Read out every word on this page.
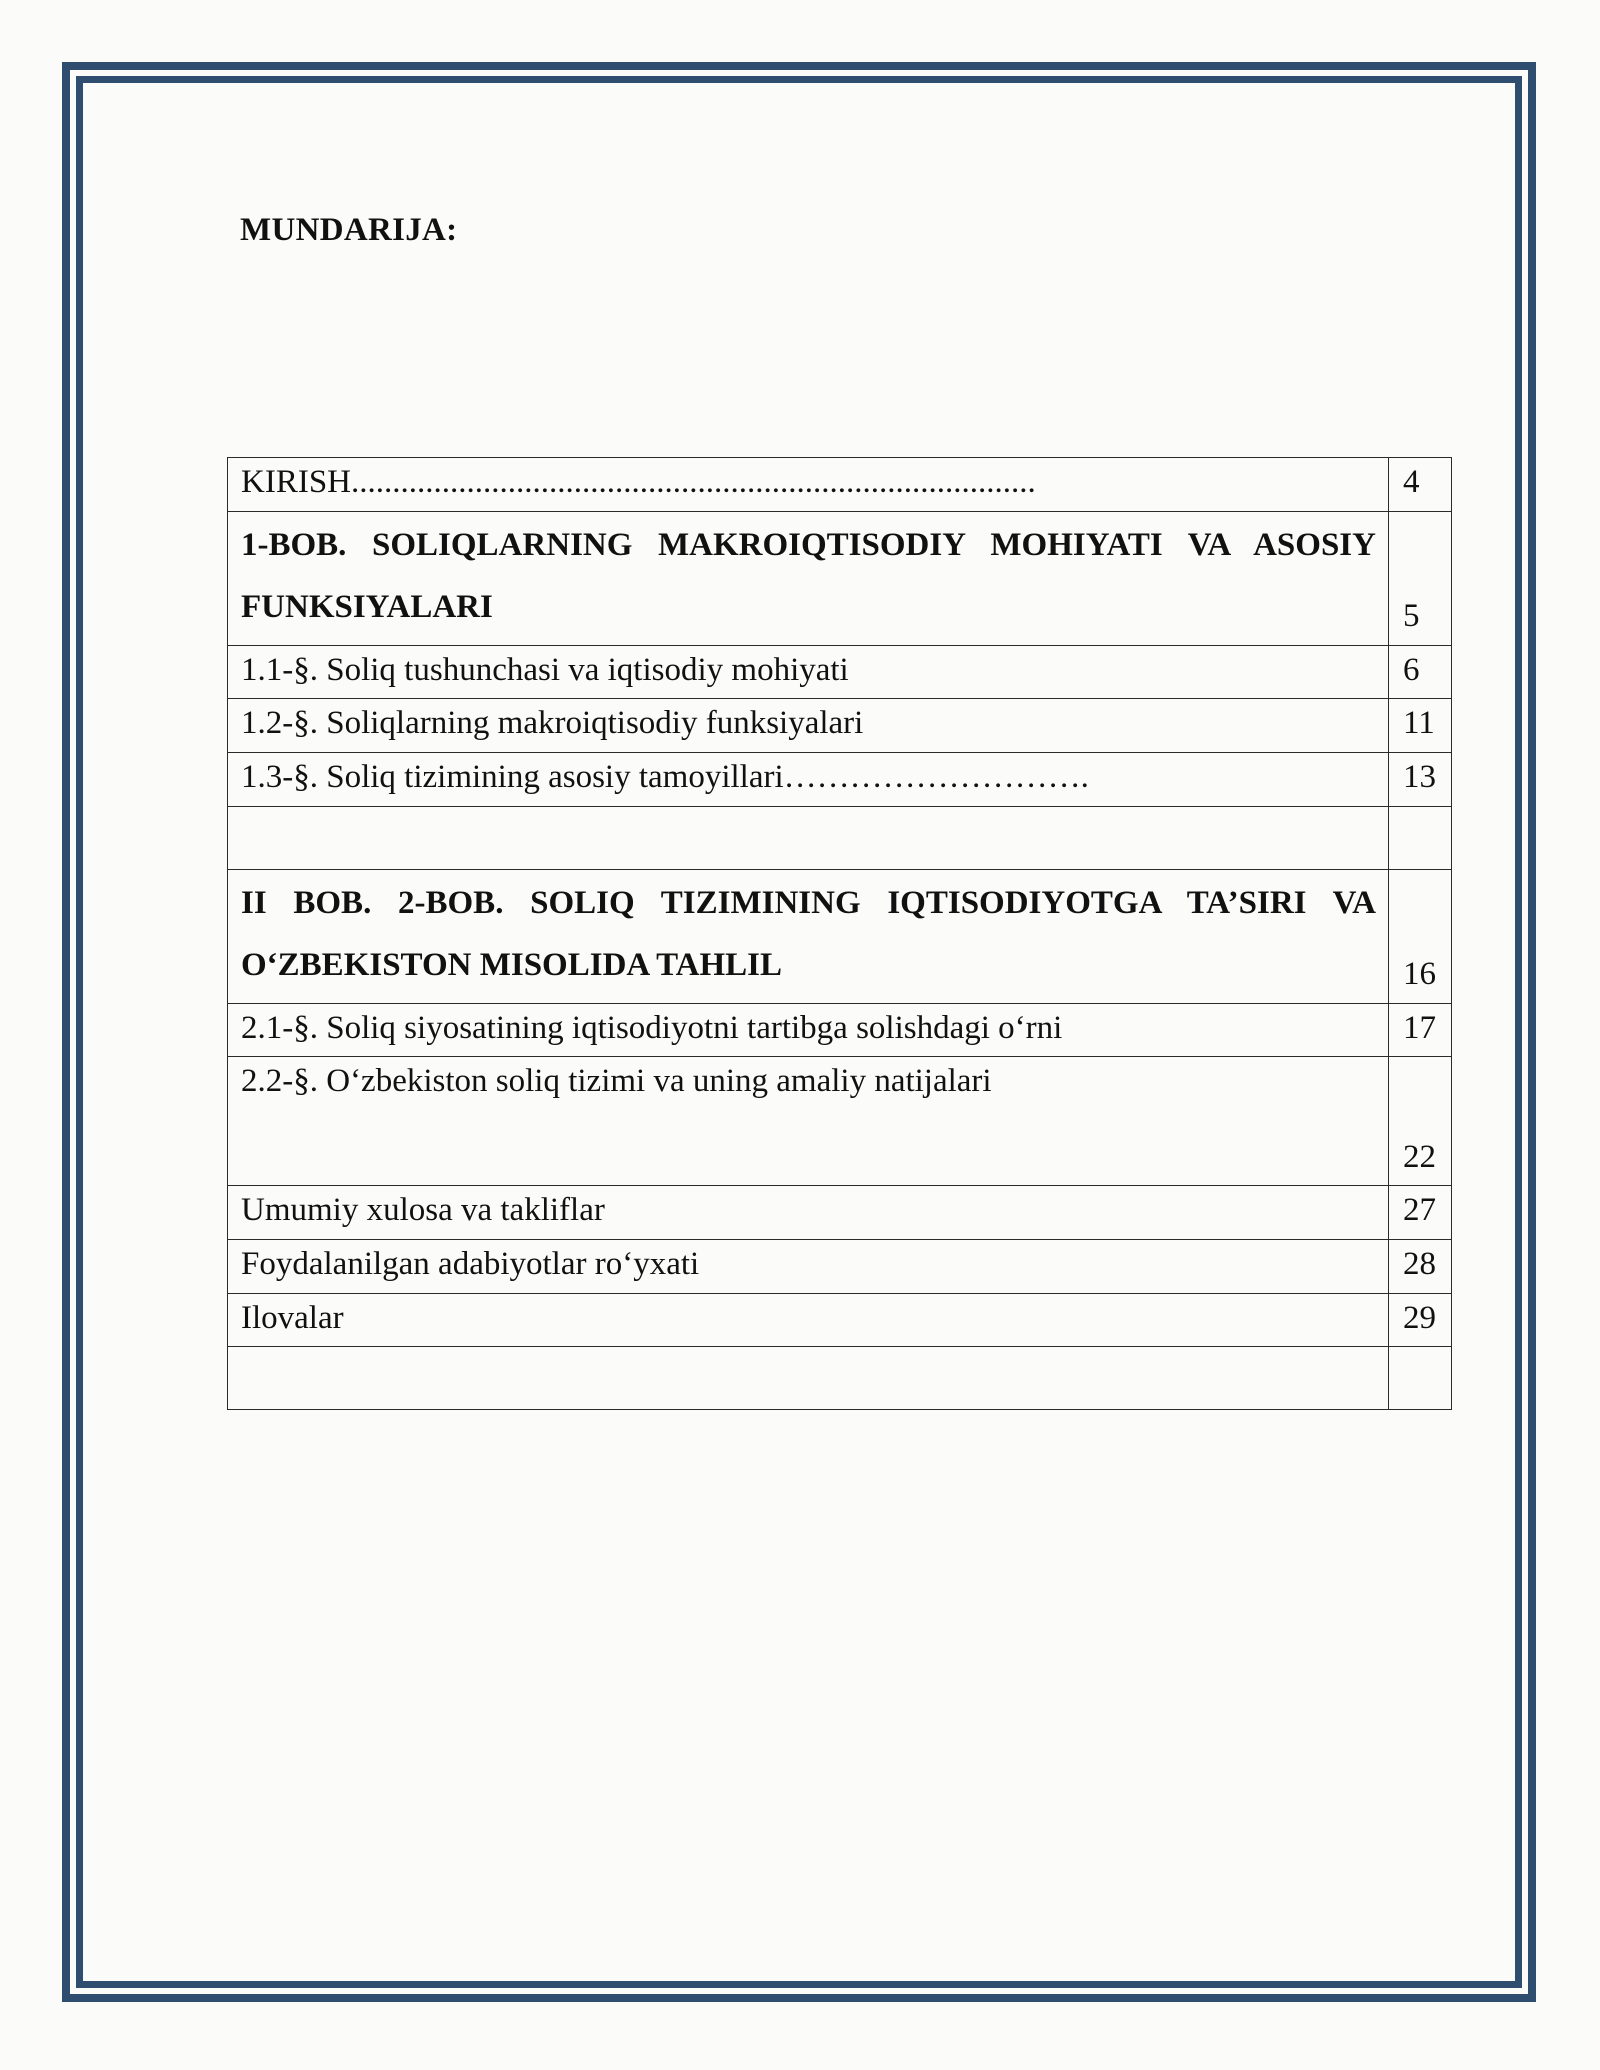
MUNDARIJA:
KIRISH...................................................................................	4
1-BOB. SOLIQLARNING MAKROIQTISODIY MOHIYATI VA ASOSIY FUNKSIYALARI	5
1.1-§. Soliq tushunchasi va iqtisodiy mohiyati	6
1.2-§. Soliqlarning makroiqtisodiy funksiyalari	11
1.3-§. Soliq tizimining asosiy tamoyillari……………………….	13

II BOB. 2-BOB. SOLIQ TIZIMINING IQTISODIYOTGA TA’SIRI VA O‘ZBEKISTON MISOLIDA TAHLIL	16
2.1-§. Soliq siyosatining iqtisodiyotni tartibga solishdagi o‘rni	17
2.2-§. O‘zbekiston soliq tizimi va uning amaliy natijalari	22
Umumiy xulosa va takliflar	27
Foydalanilgan adabiyotlar ro‘yxati	28
Ilovalar	29
